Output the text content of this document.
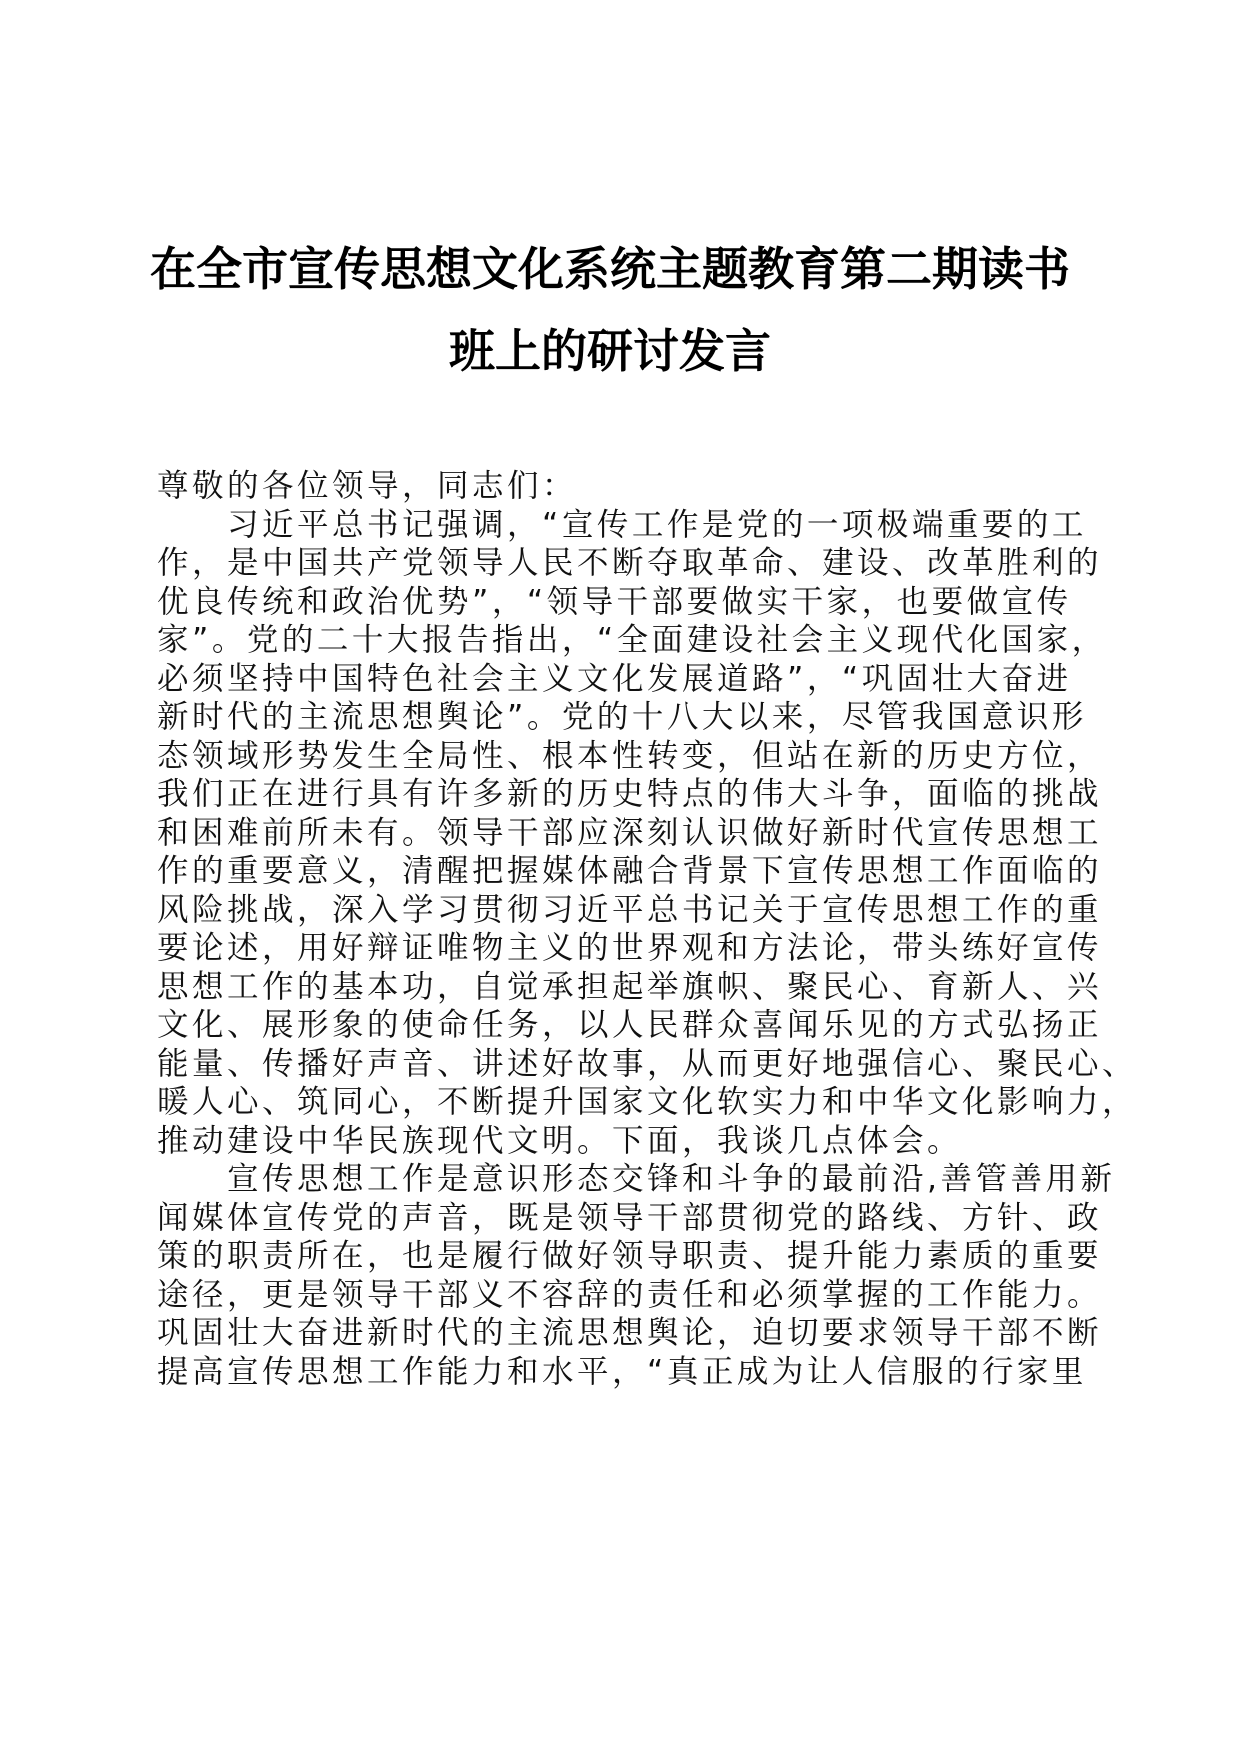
在全市宣传思想文化系统主题教育第二期读书
班上的研讨发言
尊敬的各位领导，同志们：
习近平总书记强调，“宣传工作是党的一项极端重要的工
作，是中国共产党领导人民不断夺取革命、建设、改革胜利的
优良传统和政治优势”，“领导干部要做实干家，也要做宣传
家”。党的二十大报告指出，“全面建设社会主义现代化国家，
必须坚持中国特色社会主义文化发展道路”，“巩固壮大奋进
新时代的主流思想舆论”。党的十八大以来，尽管我国意识形
态领域形势发生全局性、根本性转变，但站在新的历史方位，
我们正在进行具有许多新的历史特点的伟大斗争，面临的挑战
和困难前所未有。领导干部应深刻认识做好新时代宣传思想工
作的重要意义，清醒把握媒体融合背景下宣传思想工作面临的
风险挑战，深入学习贯彻习近平总书记关于宣传思想工作的重
要论述，用好辩证唯物主义的世界观和方法论，带头练好宣传
思想工作的基本功，自觉承担起举旗帜、聚民心、育新人、兴
文化、展形象的使命任务，以人民群众喜闻乐见的方式弘扬正
能量、传播好声音、讲述好故事，从而更好地强信心、聚民心、
暖人心、筑同心，不断提升国家文化软实力和中华文化影响力，
推动建设中华民族现代文明。下面，我谈几点体会。
宣传思想工作是意识形态交锋和斗争的最前沿,善管善用新
闻媒体宣传党的声音，既是领导干部贯彻党的路线、方针、政
策的职责所在，也是履行做好领导职责、提升能力素质的重要
途径，更是领导干部义不容辞的责任和必须掌握的工作能力。
巩固壮大奋进新时代的主流思想舆论，迫切要求领导干部不断
提高宣传思想工作能力和水平，“真正成为让人信服的行家里
